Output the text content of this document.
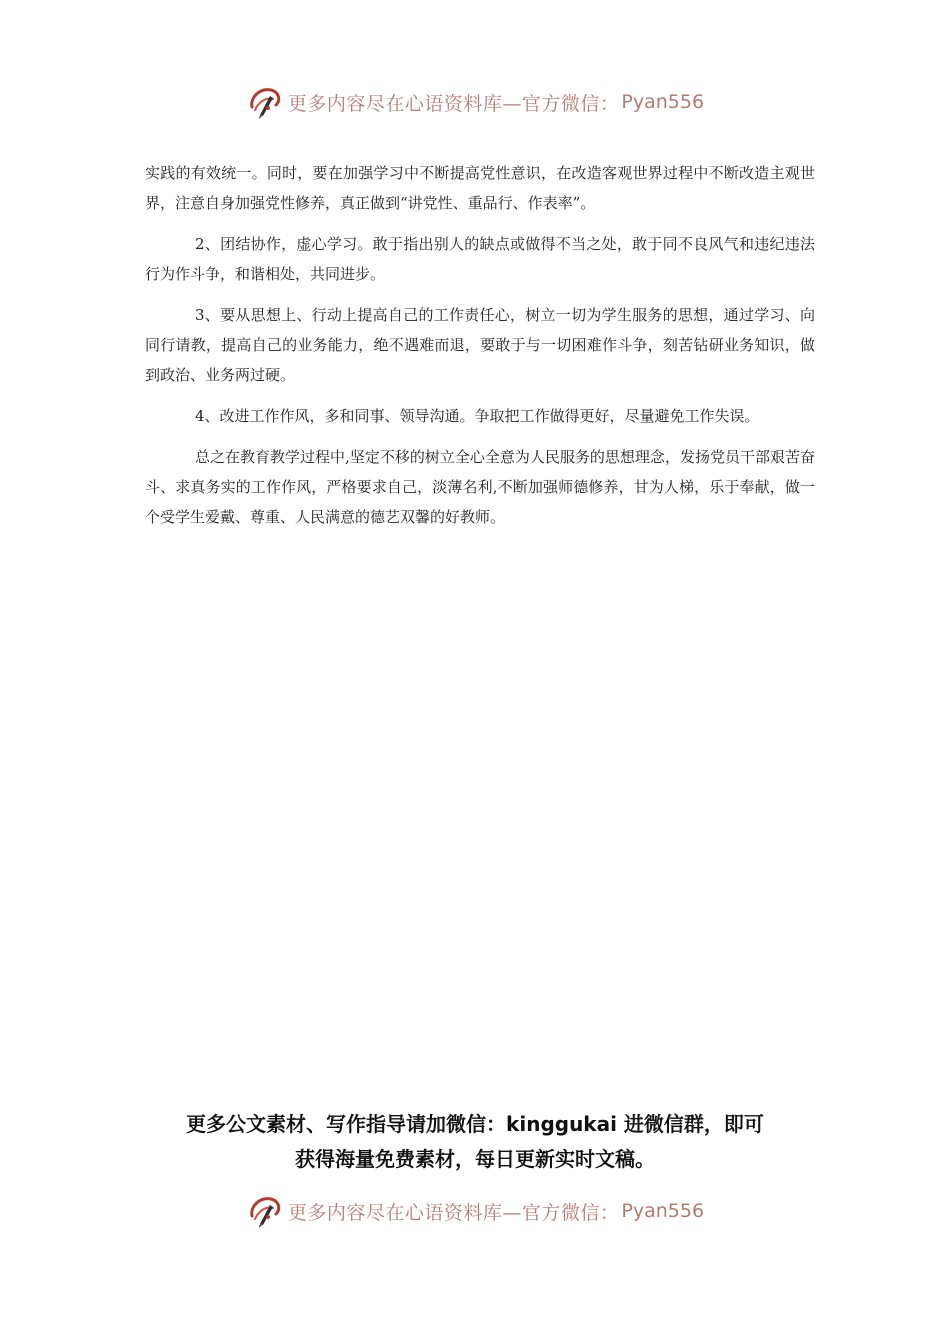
更多内容尽在心语资料库—官方微信： Pyan556

实践的有效统一。同时，要在加强学习中不断提高党性意识，在改造客观世界过程中不断改造主观世界，注意自身加强党性修养，真正做到“讲党性、重品行、作表率”。

2、团结协作，虚心学习。敢于指出别人的缺点或做得不当之处，敢于同不良风气和违纪违法行为作斗争，和谐相处，共同进步。

3、要从思想上、行动上提高自己的工作责任心，树立一切为学生服务的思想，通过学习、向同行请教，提高自己的业务能力，绝不遇难而退，要敢于与一切困难作斗争，刻苦钻研业务知识，做到政治、业务两过硬。

4、改进工作作风，多和同事、领导沟通。争取把工作做得更好，尽量避免工作失误。

总之在教育教学过程中,坚定不移的树立全心全意为人民服务的思想理念，发扬党员干部艰苦奋斗、求真务实的工作作风，严格要求自己，淡薄名利,不断加强师德修养，甘为人梯，乐于奉献，做一个受学生爱戴、尊重、人民满意的德艺双馨的好教师。

更多公文素材、写作指导请加微信：kinggukai 进微信群，即可
获得海量免费素材，每日更新实时文稿。
更多内容尽在心语资料库—官方微信： Pyan556
